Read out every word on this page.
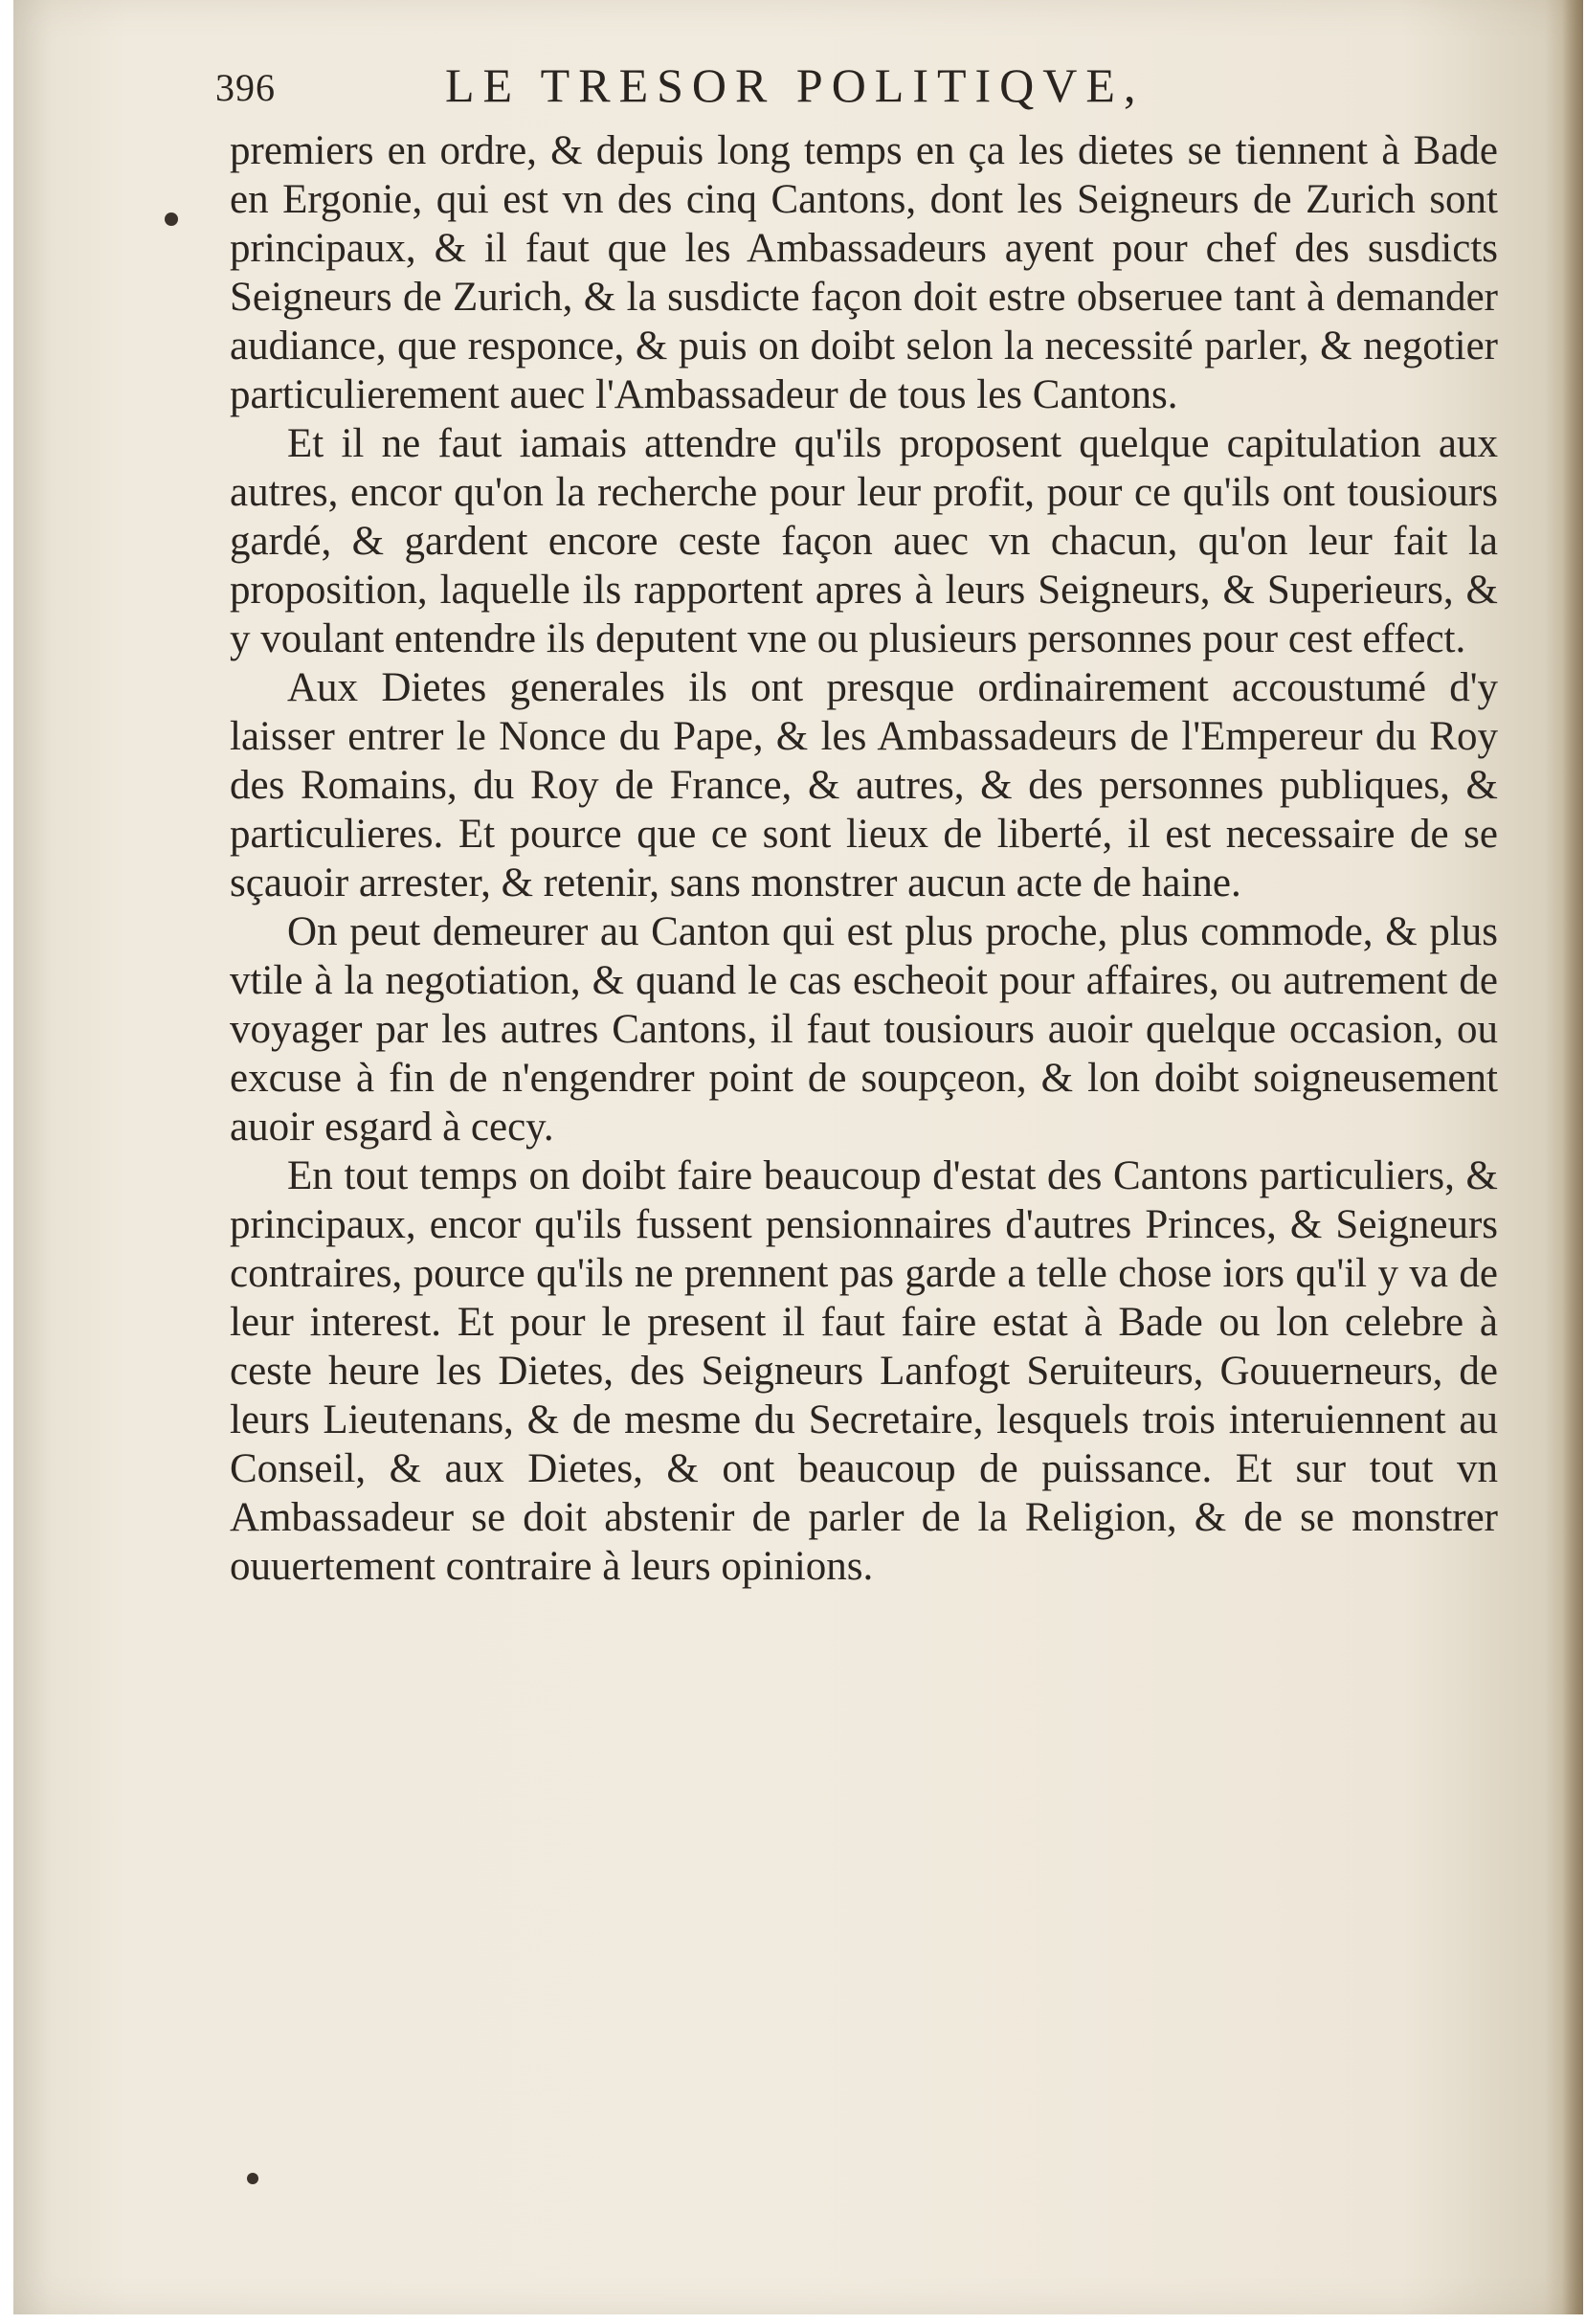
396	LE TRESOR POLITIQVE,

premiers en ordre, & depuis long temps en ça les dietes se tiennent à Bade en Ergonie, qui est vn des cinq Cantons, dont les Seigneurs de Zurich sont principaux, & il faut que les Ambassadeurs ayent pour chef des susdicts Seigneurs de Zurich, & la susdicte façon doit estre obseruee tant à demander audiance, que responce, & puis on doibt selon la necessité parler, & negotier particulierement auec l'Ambassadeur de tous les Cantons.

Et il ne faut iamais attendre qu'ils proposent quelque capitulation aux autres, encor qu'on la recherche pour leur profit, pour ce qu'ils ont tousiours gardé, & gardent encore ceste façon auec vn chacun, qu'on leur fait la proposition, laquelle ils rapportent apres à leurs Seigneurs, & Superieurs, & y voulant entendre ils deputent vne ou plusieurs personnes pour cest effect.

Aux Dietes generales ils ont presque ordinairement accoustumé d'y laisser entrer le Nonce du Pape, & les Ambassadeurs de l'Empereur du Roy des Romains, du Roy de France, & autres, & des personnes publiques, & particulieres. Et pource que ce sont lieux de liberté, il est necessaire de se sçauoir arrester, & retenir, sans monstrer aucun acte de haine.

On peut demeurer au Canton qui est plus proche, plus commode, & plus vtile à la negotiation, & quand le cas escheoit pour affaires, ou autrement de voyager par les autres Cantons, il faut tousiours auoir quelque occasion, ou excuse à fin de n'engendrer point de soupçeon, & lon doibt soigneusement auoir esgard à cecy.

En tout temps on doibt faire beaucoup d'estat des Cantons particuliers, & principaux, encor qu'ils fussent pensionnaires d'autres Princes, & Seigneurs contraires, pource qu'ils ne prennent pas garde a telle chose iors qu'il y va de leur interest. Et pour le present il faut faire estat à Bade ou lon celebre à ceste heure les Dietes, des Seigneurs Lanfogt Seruiteurs, Gouuerneurs, de leurs Lieutenans, & de mesme du Secretaire, lesquels trois interuiennent au Conseil, & aux Dietes, & ont beaucoup de puissance. Et sur tout vn Ambassadeur se doit abstenir de parler de la Religion, & de se monstrer ouuertement contraire à leurs opinions.
